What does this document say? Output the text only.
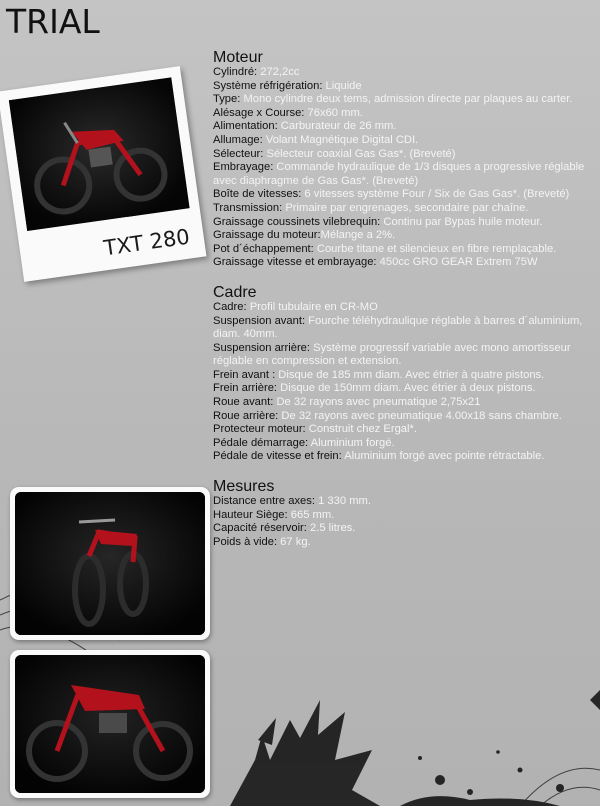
TRIAL
TXT 280
Moteur
Cylindré: 272,2cc
Système réfrigération: Liquide
Type: Mono cylindre deux tems, admission directe par plaques au carter.
Alésage x Course: 76x60 mm.
Alimentation: Carburateur de 26 mm.
Allumage: Volant Magnétique Digital CDI.
Sélecteur: Sélecteur coaxial Gas Gas*. (Breveté)
Embrayage: Commande hydraulique de 1/3 disques a progressive réglable avec diaphragme de Gas Gas*. (Breveté)
Boîte de vitesses: 6 vitesses système Four / Six de Gas Gas*. (Breveté)
Transmission: Primaire par engrenages, secondaire par chaîne.
Graissage coussinets vilebrequin: Continu par Bypas huile moteur.
Graissage du moteur:Mélange a 2%.
Pot d´échappement: Courbe titane et silencieux en fibre remplaçable.
Graissage vitesse et embrayage: 450cc GRO GEAR Extrem 75W
Cadre
Cadre: Profil tubulaire en CR-MO
Suspension avant: Fourche téléhydraulique réglable à barres d´aluminium, diam. 40mm.
Suspension arrière: Système progressif variable avec mono amortisseur réglable en compression et extension.
Frein avant : Disque de 185 mm diam. Avec étrier à quatre pistons.
Frein arrière: Disque de 150mm diam. Avec étrier à deux pistons.
Roue avant: De 32 rayons avec pneumatique 2,75x21
Roue arrière: De 32 rayons avec pneumatique 4.00x18 sans chambre.
Protecteur moteur: Construit chez Ergal*.
Pédale démarrage: Aluminium forgé.
Pédale de vitesse et frein: Aluminium forgé avec pointe rétractable.
Mesures
Distance entre axes: 1 330 mm.
Hauteur Siège: 665 mm.
Capacité réservoir: 2.5 litres.
Poids à vide: 67 kg.
